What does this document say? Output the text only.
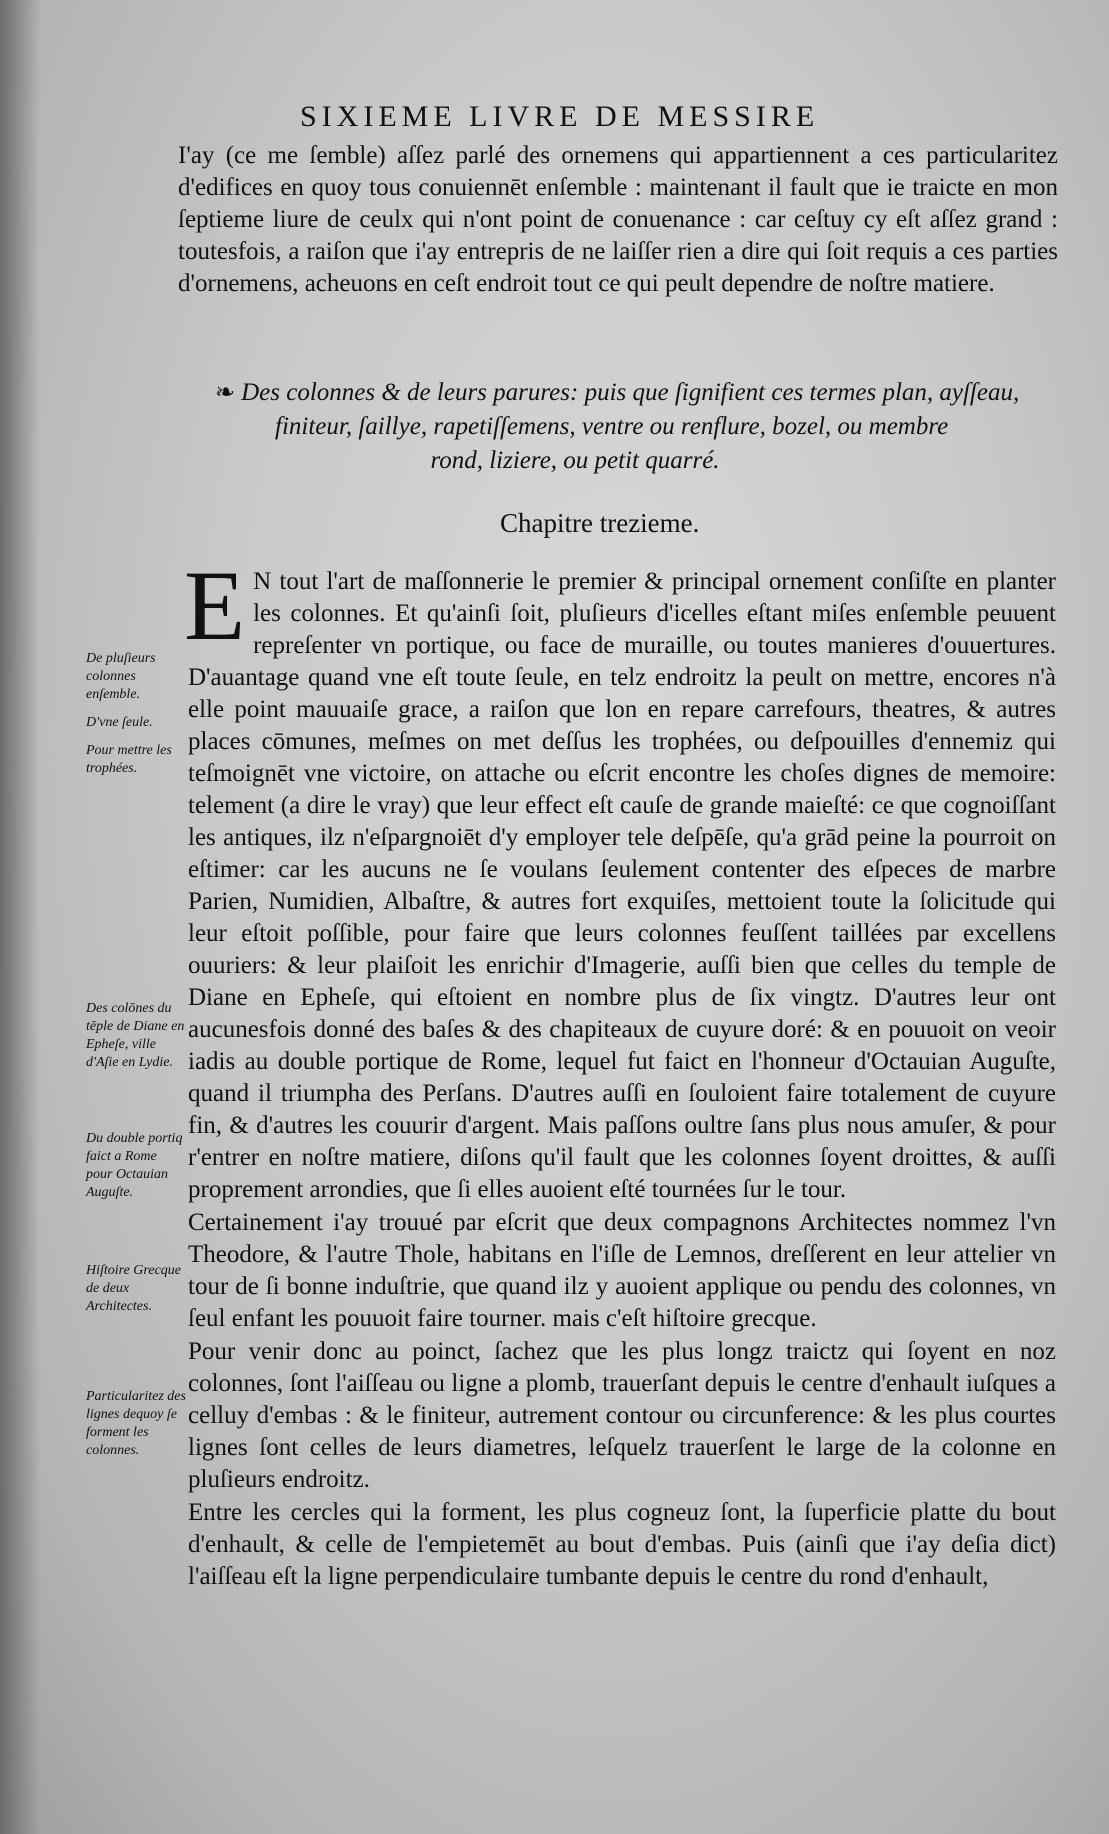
SIXIEME LIVRE DE MESSIRE

I'ay (ce me ſemble) aſſez parlé des ornemens qui appartiennent a ces particularitez d'edifices en quoy tous conuiennēt enſemble : maintenant il fault que ie traicte en mon ſeptieme liure de ceulx qui n'ont point de conuenance : car ceſtuy cy eſt aſſez grand : toutesfois, a raiſon que i'ay entrepris de ne laiſſer rien a dire qui ſoit requis a ces parties d'ornemens, acheuons en ceſt endroit tout ce qui peult dependre de noſtre matiere.

❧ Des colonnes & de leurs parures: puis que ſignifient ces termes plan, ayſſeau,
finiteur, ſaillye, rapetiſſemens, ventre ou renflure, bozel, ou membre
rond, liziere, ou petit quarré.

Chapitre trezieme.

E N tout l'art de maſſonnerie le premier & principal ornement conſiſte en planter les colonnes. Et qu'ainſi ſoit, pluſieurs d'icelles eſtant miſes enſemble peuuent repreſenter vn portique, ou face de muraille, ou toutes manieres d'ouuertures. D'auantage quand vne eſt toute ſeule, en telz endroitz la peult on mettre, encores n'à elle point mauuaiſe grace, a raiſon que lon en repare carrefours, theatres, & autres places cōmunes, meſmes on met deſſus les trophées, ou deſpouilles d'ennemiz qui teſmoignēt vne victoire, on attache ou eſcrit encontre les choſes dignes de memoire: telement (a dire le vray) que leur effect eſt cauſe de grande maieſté: ce que cognoiſſant les antiques, ilz n'eſpargnoiēt d'y employer tele deſpēſe, qu'a grād peine la pourroit on eſtimer: car les aucuns ne ſe voulans ſeulement contenter des eſpeces de marbre Parien, Numidien, Albaſtre, & autres fort exquiſes, mettoient toute la ſolicitude qui leur eſtoit poſſible, pour faire que leurs colonnes feuſſent taillées par excellens ouuriers: & leur plaiſoit les enrichir d'Imagerie, auſſi bien que celles du temple de Diane en Epheſe, qui eſtoient en nombre plus de ſix vingtz. D'autres leur ont aucunesfois donné des baſes & des chapiteaux de cuyure doré: & en pouuoit on veoir iadis au double portique de Rome, lequel fut faict en l'honneur d'Octauian Auguſte, quand il triumpha des Perſans. D'autres auſſi en ſouloient faire totalement de cuyure fin, & d'autres les couurir d'argent. Mais paſſons oultre ſans plus nous amuſer, & pour r'entrer en noſtre matiere, diſons qu'il fault que les colonnes ſoyent droittes, & auſſi proprement arrondies, que ſi elles auoient eſté tournées ſur le tour.

Certainement i'ay trouué par eſcrit que deux compagnons Architectes nommez l'vn Theodore, & l'autre Thole, habitans en l'iſle de Lemnos, dreſſerent en leur attelier vn tour de ſi bonne induſtrie, que quand ilz y auoient applique ou pendu des colonnes, vn ſeul enfant les pouuoit faire tourner. mais c'eſt hiſtoire grecque.

Pour venir donc au poinct, ſachez que les plus longz traictz qui ſoyent en noz colonnes, ſont l'aiſſeau ou ligne a plomb, trauerſant depuis le centre d'enhault iuſques a celluy d'embas : & le finiteur, autrement contour ou circunference: & les plus courtes lignes ſont celles de leurs diametres, leſquelz trauerſent le large de la colonne en pluſieurs endroitz.

Entre les cercles qui la forment, les plus cogneuz ſont, la ſuperficie platte du bout d'enhault, & celle de l'empietemēt au bout d'embas. Puis (ainſi que i'ay deſia dict) l'aiſſeau eſt la ligne perpendiculaire tumbante depuis le centre du rond d'enhault,

De pluſieurs colonnes enſemble.
D'vne ſeule.
Pour mettre les trophées.
Des colōnes du tēple de Diane en Epheſe, ville d'Aſie en Lydie.
Du double portiq faict a Rome pour Octauian Auguſte.
Hiſtoire Grecque de deux Architectes.
Particularitez des lignes dequoy ſe forment les colonnes.
